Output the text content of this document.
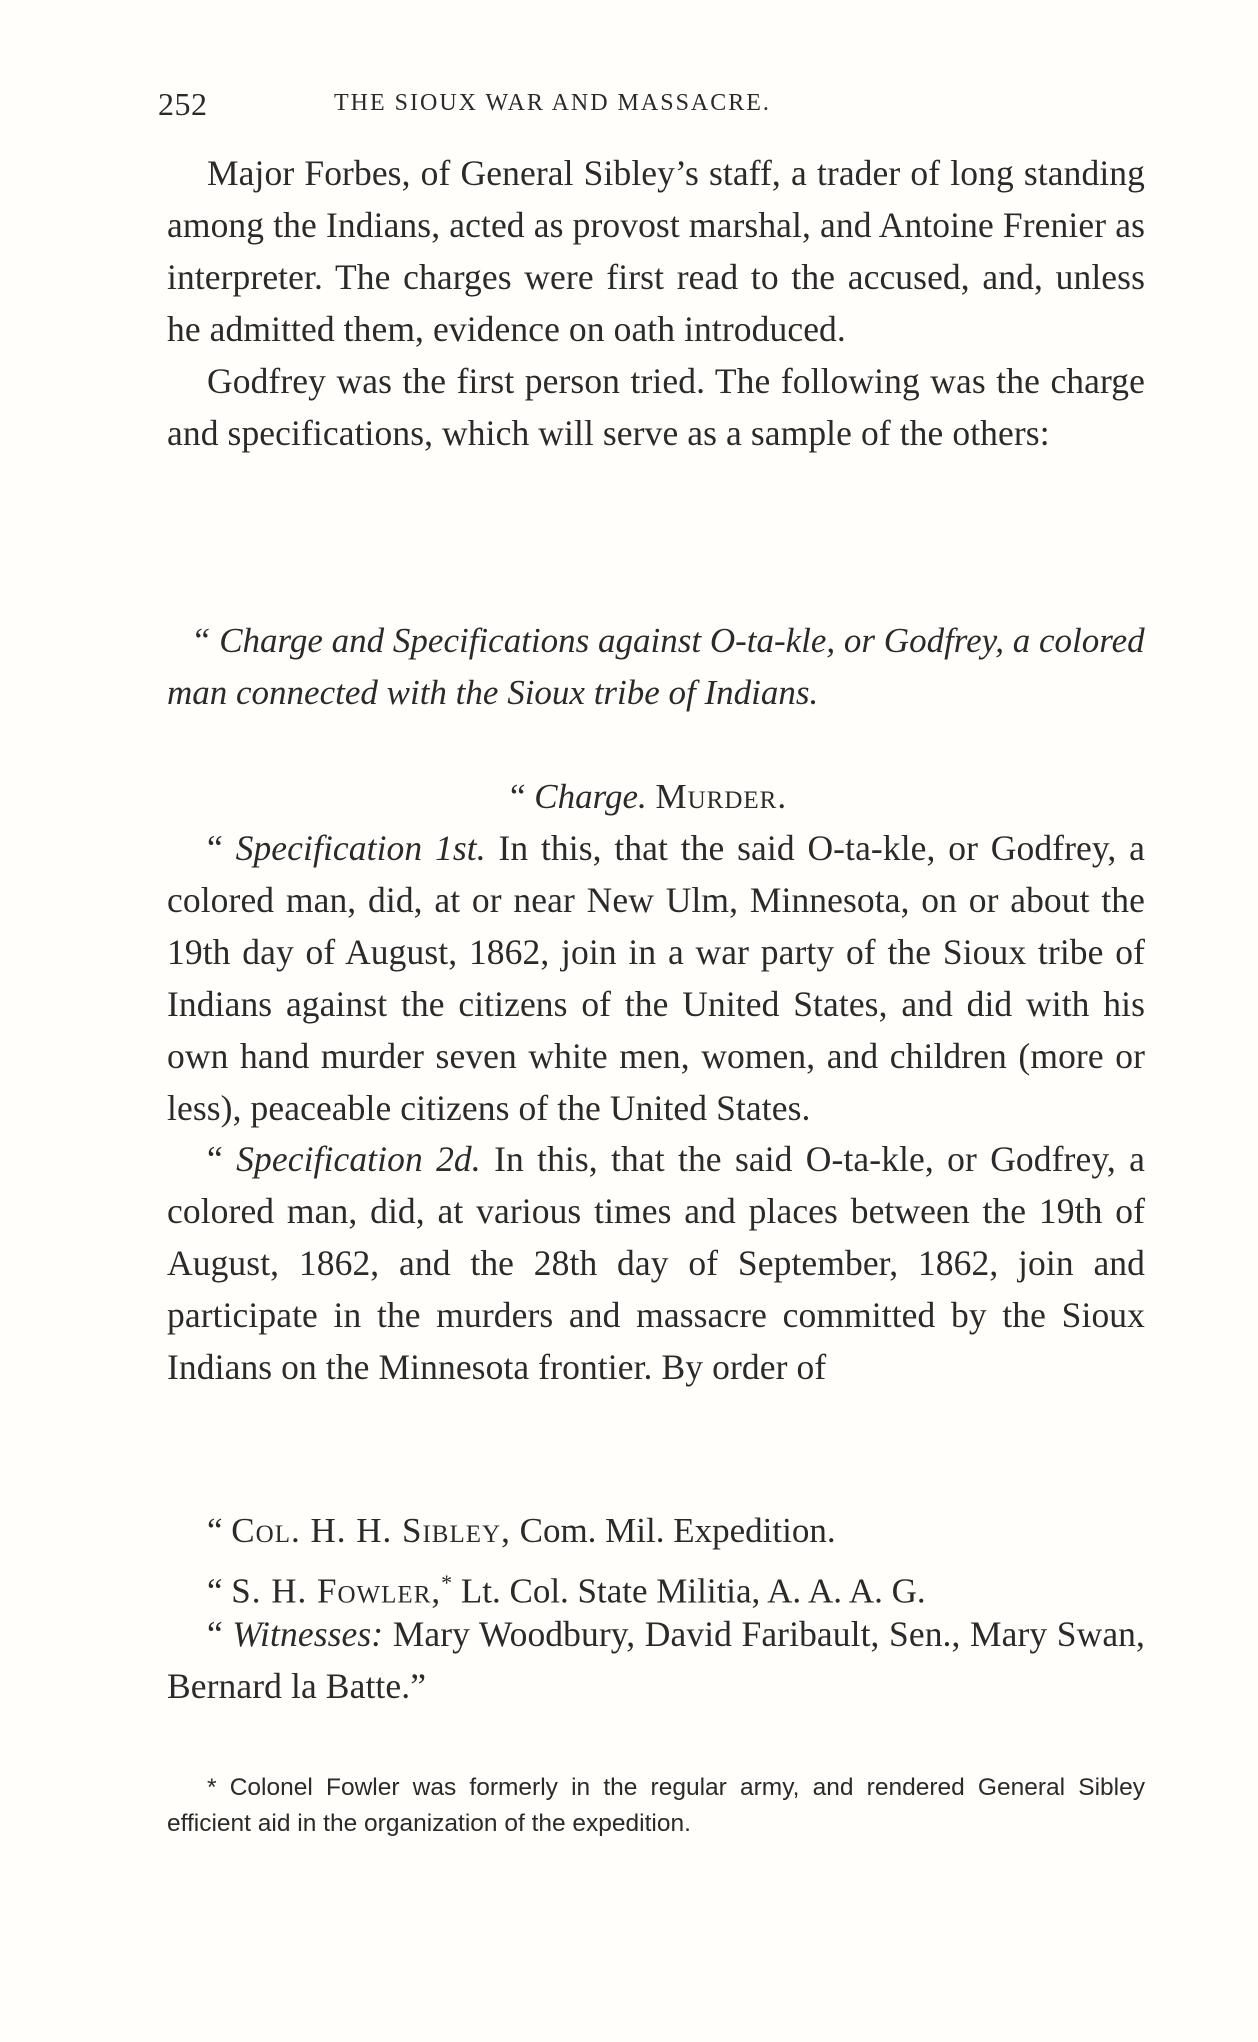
252	THE SIOUX WAR AND MASSACRE.

Major Forbes, of General Sibley’s staff, a trader of long standing among the Indians, acted as provost marshal, and Antoine Frenier as interpreter. The charges were first read to the accused, and, unless he admitted them, evidence on oath introduced.

Godfrey was the first person tried. The following was the charge and specifications, which will serve as a sample of the others:

“ Charge and Specifications against O-ta-kle, or Godfrey, a colored man connected with the Sioux tribe of Indians.

“ Charge. Murder.

“ Specification 1st. In this, that the said O-ta-kle, or Godfrey, a colored man, did, at or near New Ulm, Minnesota, on or about the 19th day of August, 1862, join in a war party of the Sioux tribe of Indians against the citizens of the United States, and did with his own hand murder seven white men, women, and children (more or less), peaceable citizens of the United States.

“ Specification 2d. In this, that the said O-ta-kle, or Godfrey, a colored man, did, at various times and places between the 19th of August, 1862, and the 28th day of September, 1862, join and participate in the murders and massacre committed by the Sioux Indians on the Minnesota frontier. By order of

“ Col. H. H. Sibley, Com. Mil. Expedition.

“ S. H. Fowler,* Lt. Col. State Militia, A. A. A. G.

“ Witnesses: Mary Woodbury, David Faribault, Sen., Mary Swan, Bernard la Batte.”

* Colonel Fowler was formerly in the regular army, and rendered General Sibley efficient aid in the organization of the expedition.
